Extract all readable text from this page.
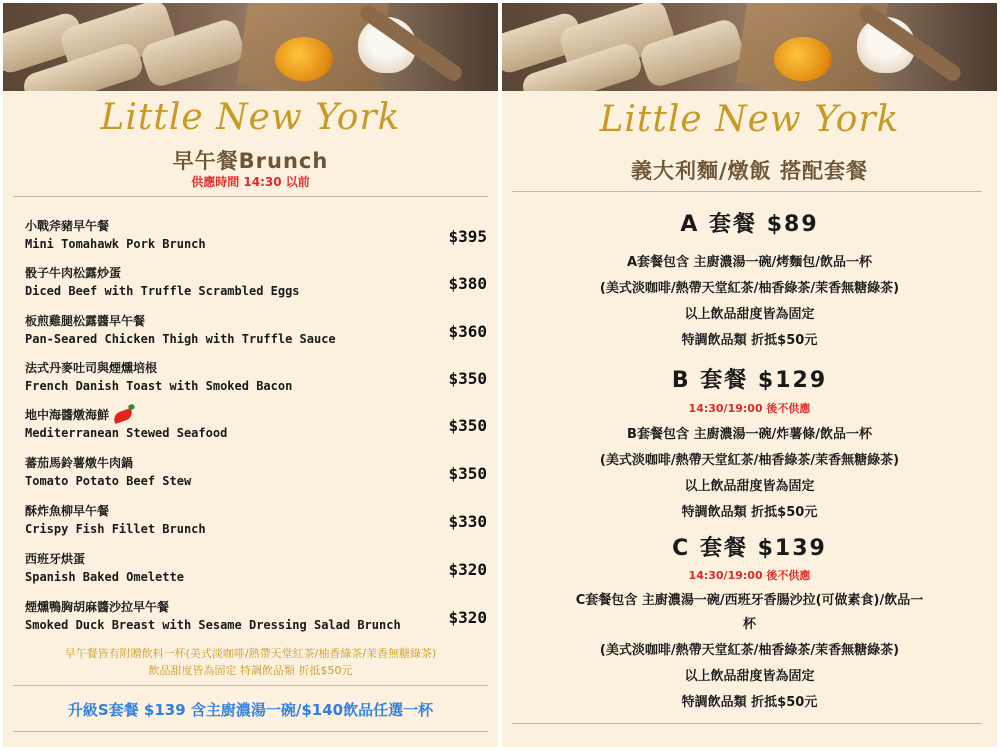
Little New York
早午餐Brunch
供應時間 14:30 以前
小戰斧豬早午餐
Mini Tomahawk Pork Brunch	$395
骰子牛肉松露炒蛋
Diced Beef with Truffle Scrambled Eggs	$380
板煎雞腿松露醬早午餐
Pan-Seared Chicken Thigh with Truffle Sauce	$360
法式丹麥吐司與煙燻培根
French Danish Toast with Smoked Bacon	$350
地中海醬燉海鮮
Mediterranean Stewed Seafood	$350
蕃茄馬鈴薯燉牛肉鍋
Tomato Potato Beef Stew	$350
酥炸魚柳早午餐
Crispy Fish Fillet Brunch	$330
西班牙烘蛋
Spanish Baked Omelette	$320
煙燻鴨胸胡麻醬沙拉早午餐
Smoked Duck Breast with Sesame Dressing Salad Brunch	$320
早午餐皆有附贈飲料一杯(美式淡咖啡/熱帶天堂紅茶/柚香綠茶/茉香無糖綠茶)
飲品甜度皆為固定 特調飲品類 折抵$50元
升級S套餐 $139 含主廚濃湯一碗/$140飲品任選一杯
Little New York
義大利麵/燉飯 搭配套餐
A 套餐 $89
A套餐包含 主廚濃湯一碗/烤麵包/飲品一杯
(美式淡咖啡/熱帶天堂紅茶/柚香綠茶/茉香無糖綠茶)
以上飲品甜度皆為固定
特調飲品類 折抵$50元
B 套餐 $129
14:30/19:00 後不供應
B套餐包含 主廚濃湯一碗/炸薯條/飲品一杯
(美式淡咖啡/熱帶天堂紅茶/柚香綠茶/茉香無糖綠茶)
以上飲品甜度皆為固定
特調飲品類 折抵$50元
C 套餐 $139
14:30/19:00 後不供應
C套餐包含 主廚濃湯一碗/西班牙香腸沙拉(可做素食)/飲品一
杯
(美式淡咖啡/熱帶天堂紅茶/柚香綠茶/茉香無糖綠茶)
以上飲品甜度皆為固定
特調飲品類 折抵$50元
